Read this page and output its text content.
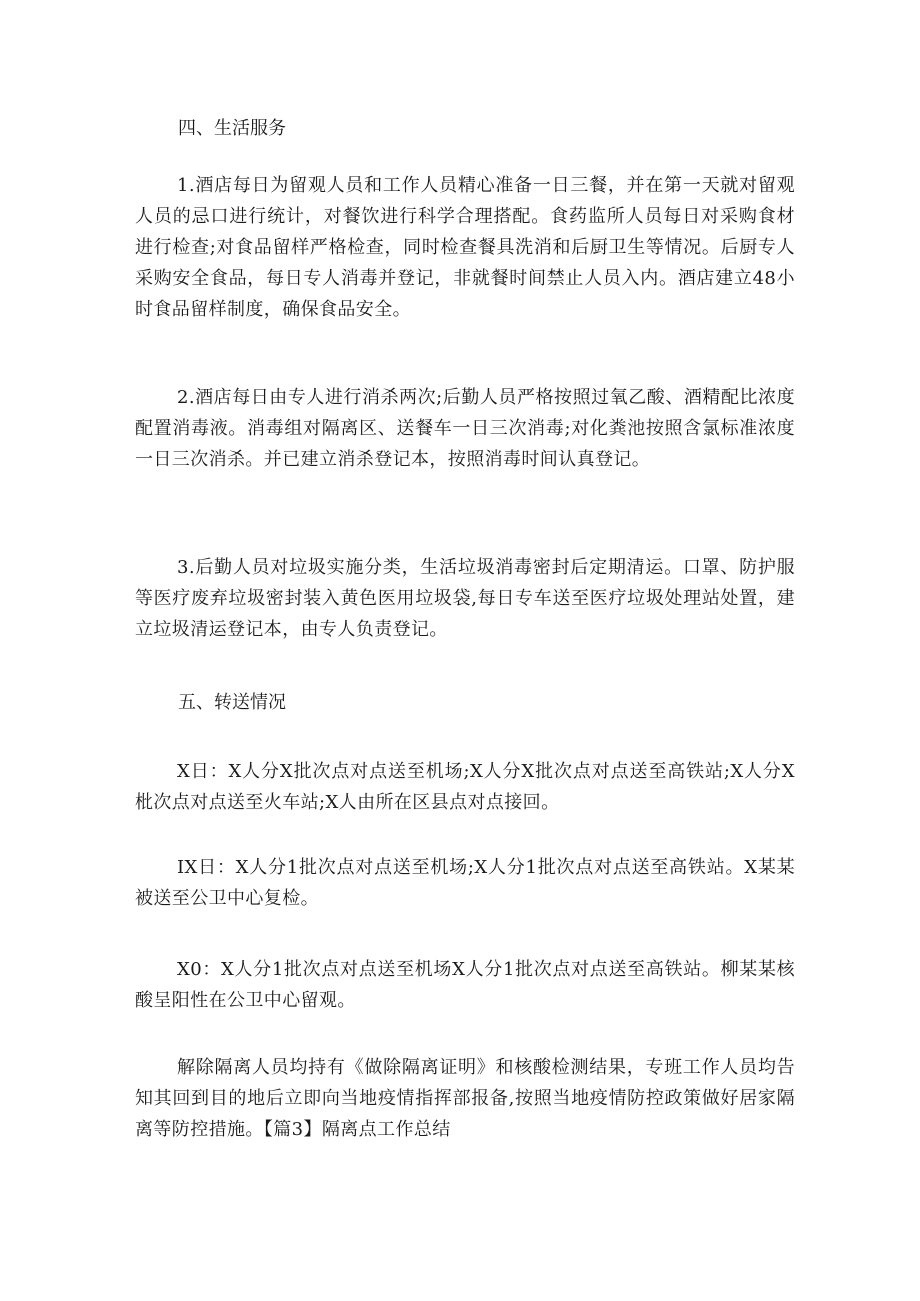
四、生活服务

1.酒店每日为留观人员和工作人员精心准备一日三餐，并在第一天就对留观人员的忌口进行统计，对餐饮进行科学合理搭配。食药监所人员每日对采购食材进行检查;对食品留样严格检查，同时检查餐具洗消和后厨卫生等情况。后厨专人采购安全食品，每日专人消毒并登记，非就餐时间禁止人员入内。酒店建立48小时食品留样制度，确保食品安全。

2.酒店每日由专人进行消杀两次;后勤人员严格按照过氧乙酸、酒精配比浓度配置消毒液。消毒组对隔离区、送餐车一日三次消毒;对化粪池按照含氯标准浓度一日三次消杀。并已建立消杀登记本，按照消毒时间认真登记。

3.后勤人员对垃圾实施分类，生活垃圾消毒密封后定期清运。口罩、防护服等医疗废弃垃圾密封装入黄色医用垃圾袋,每日专车送至医疗垃圾处理站处置，建立垃圾清运登记本，由专人负责登记。

五、转送情况

X日：X人分X批次点对点送至机场;X人分X批次点对点送至高铁站;X人分X枇次点对点送至火车站;X人由所在区县点对点接回。

IX日：X人分1批次点对点送至机场;X人分1批次点对点送至高铁站。X某某被送至公卫中心复检。

X0：X人分1批次点对点送至机场X人分1批次点对点送至高铁站。柳某某核酸呈阳性在公卫中心留观。

解除隔离人员均持有《做除隔离证明》和核酸检测结果，专班工作人员均告知其回到目的地后立即向当地疫情指挥部报备,按照当地疫情防控政策做好居家隔离等防控措施。【篇3】隔离点工作总结
